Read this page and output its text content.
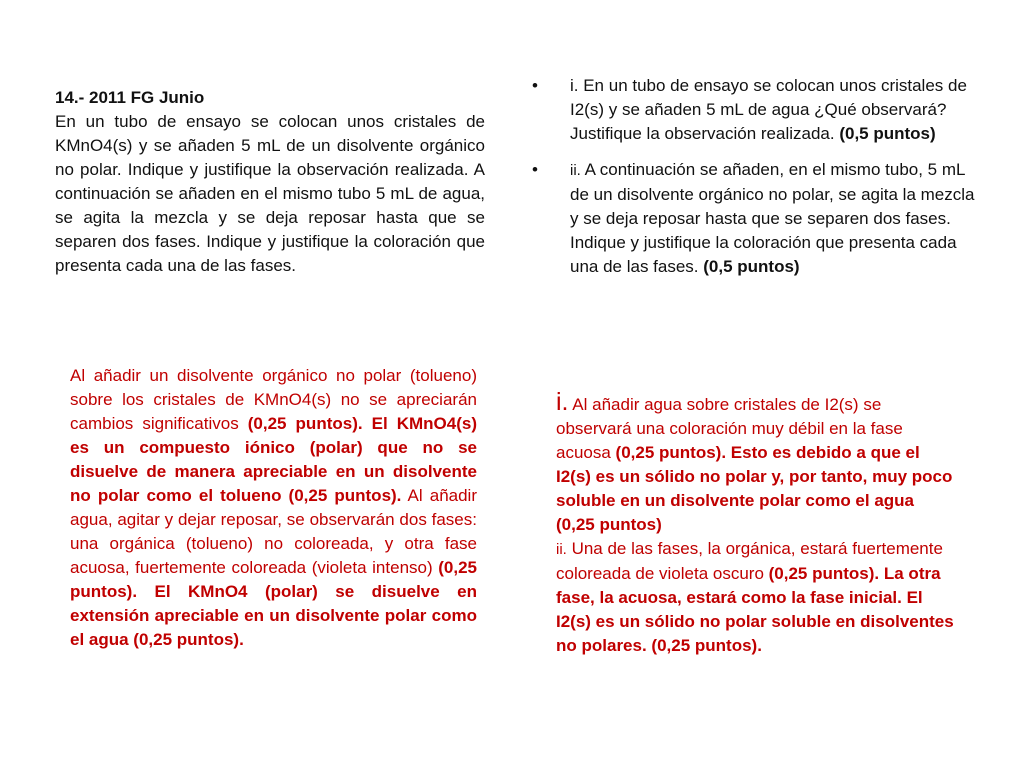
14.- 2011 FG Junio
En un tubo de ensayo se colocan unos cristales de KMnO4(s) y se añaden 5 mL de un disolvente orgánico no polar. Indique y justifique la observación realizada. A continuación se añaden en el mismo tubo 5 mL de agua, se agita la mezcla y se deja reposar hasta que se separen dos fases. Indique y justifique la coloración que presenta cada una de las fases.
• i. En un tubo de ensayo se colocan unos cristales de I2(s) y se añaden 5 mL de agua ¿Qué observará? Justifique la observación realizada. (0,5 puntos)
• ii. A continuación se añaden, en el mismo tubo, 5 mL de un disolvente orgánico no polar, se agita la mezcla y se deja reposar hasta que se separen dos fases. Indique y justifique la coloración que presenta cada una de las fases. (0,5 puntos)
Al añadir un disolvente orgánico no polar (tolueno) sobre los cristales de KMnO4(s) no se apreciarán cambios significativos (0,25 puntos). El KMnO4(s) es un compuesto iónico (polar) que no se disuelve de manera apreciable en un disolvente no polar como el tolueno (0,25 puntos). Al añadir agua, agitar y dejar reposar, se observarán dos fases: una orgánica (tolueno) no coloreada, y otra fase acuosa, fuertemente coloreada (violeta intenso) (0,25 puntos). El KMnO4 (polar) se disuelve en extensión apreciable en un disolvente polar como el agua (0,25 puntos).
i. Al añadir agua sobre cristales de I2(s) se observará una coloración muy débil en la fase acuosa (0,25 puntos). Esto es debido a que el I2(s) es un sólido no polar y, por tanto, muy poco soluble en un disolvente polar como el agua (0,25 puntos)
ii. Una de las fases, la orgánica, estará fuertemente coloreada de violeta oscuro (0,25 puntos). La otra fase, la acuosa, estará como la fase inicial. El I2(s) es un sólido no polar soluble en disolventes no polares. (0,25 puntos).
